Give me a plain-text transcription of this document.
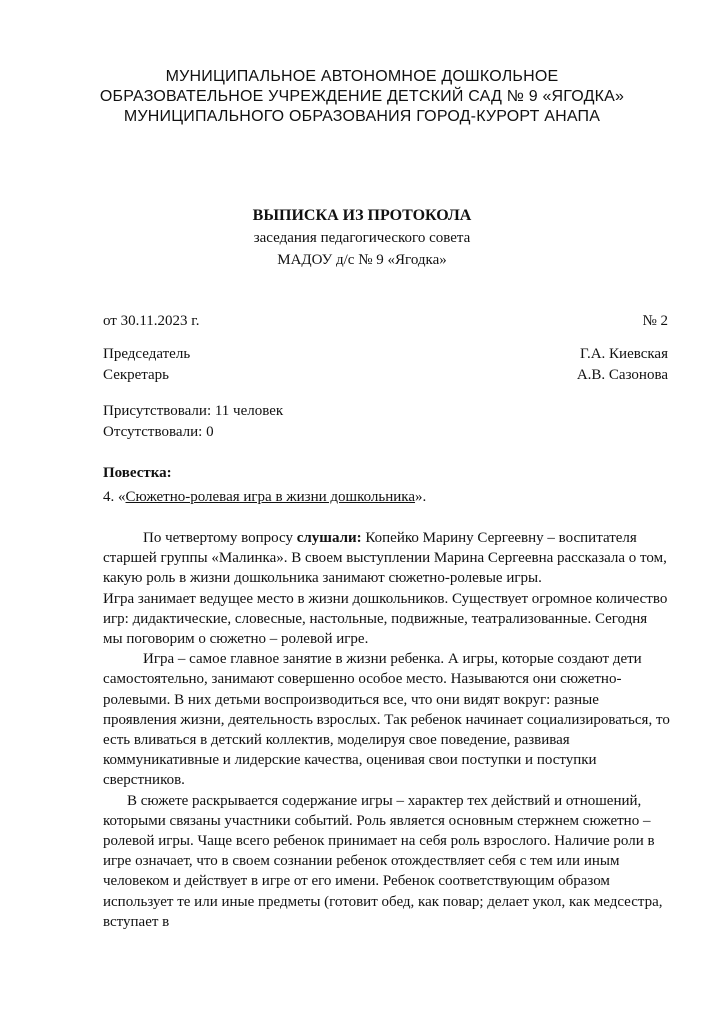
МУНИЦИПАЛЬНОЕ АВТОНОМНОЕ ДОШКОЛЬНОЕ
ОБРАЗОВАТЕЛЬНОЕ УЧРЕЖДЕНИЕ ДЕТСКИЙ САД № 9 «ЯГОДКА»
МУНИЦИПАЛЬНОГО ОБРАЗОВАНИЯ ГОРОД-КУРОРТ АНАПА
ВЫПИСКА ИЗ ПРОТОКОЛА
заседания педагогического совета
МАДОУ д/с № 9 «Ягодка»
от 30.11.2023 г.	№ 2
Председатель	Г.А. Киевская
Секретарь	А.В. Сазонова
Присутствовали: 11 человек
Отсутствовали: 0
Повестка:
4. «Сюжетно-ролевая игра в жизни дошкольника».

По четвертому вопросу слушали: Копейко Марину Сергеевну – воспитателя старшей группы «Малинка». В своем выступлении Марина Сергеевна рассказала о том, какую роль в жизни дошкольника занимают сюжетно-ролевые игры.

Игра занимает ведущее место в жизни дошкольников. Существует огромное количество игр: дидактические, словесные, настольные, подвижные, театрализованные. Сегодня мы поговорим о сюжетно – ролевой игре.

Игра – самое главное занятие в жизни ребенка. А игры, которые создают дети самостоятельно, занимают совершенно особое место. Называются они сюжетно-ролевыми. В них детьми воспроизводиться все, что они видят вокруг: разные проявления жизни, деятельность взрослых. Так ребенок начинает социализироваться, то есть вливаться в детский коллектив, моделируя свое поведение, развивая коммуникативные и лидерские качества, оценивая свои поступки и поступки сверстников.

В сюжете раскрывается содержание игры – характер тех действий и отношений, которыми связаны участники событий. Роль является основным стержнем сюжетно – ролевой игры. Чаще всего ребенок принимает на себя роль взрослого. Наличие роли в игре означает, что в своем сознании ребенок отождествляет себя с тем или иным человеком и действует в игре от его имени. Ребенок соответствующим образом использует те или иные предметы (готовит обед, как повар; делает укол, как медсестра, вступает в
